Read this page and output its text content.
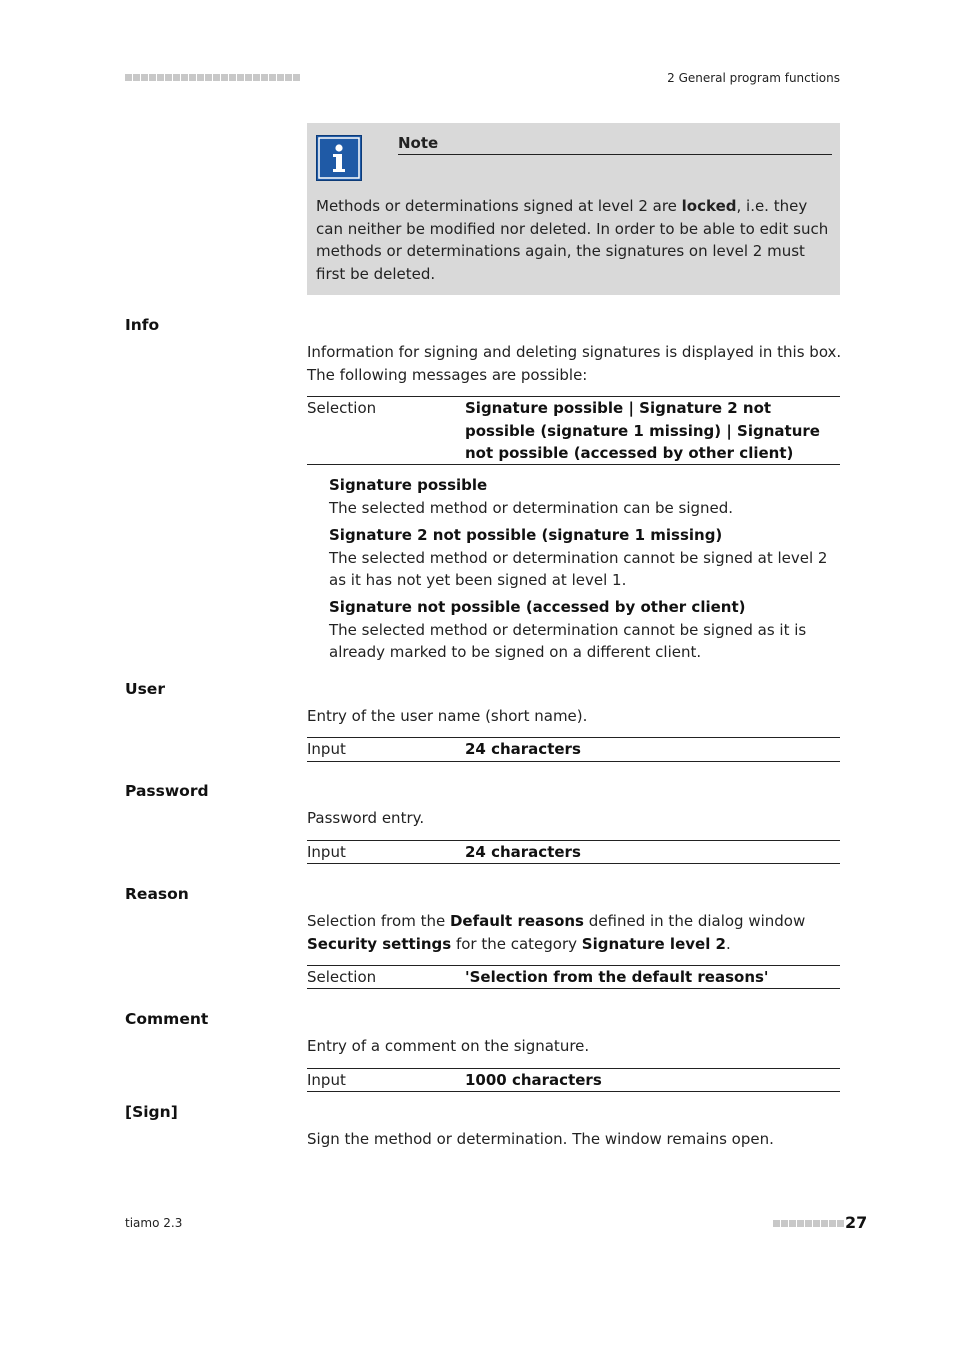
2 General program functions
Note
Methods or determinations signed at level 2 are locked, i.e. they can neither be modified nor deleted. In order to be able to edit such methods or determinations again, the signatures on level 2 must first be deleted.
Info
Information for signing and deleting signatures is displayed in this box. The following messages are possible:
Selection	Signature possible | Signature 2 not possible (signature 1 missing) | Signature not possible (accessed by other client)
Signature possible
The selected method or determination can be signed.
Signature 2 not possible (signature 1 missing)
The selected method or determination cannot be signed at level 2 as it has not yet been signed at level 1.
Signature not possible (accessed by other client)
The selected method or determination cannot be signed as it is already marked to be signed on a different client.
User
Entry of the user name (short name).
Input	24 characters
Password
Password entry.
Input	24 characters
Reason
Selection from the Default reasons defined in the dialog window Security settings for the category Signature level 2.
Selection	'Selection from the default reasons'
Comment
Entry of a comment on the signature.
Input	1000 characters
[Sign]
Sign the method or determination. The window remains open.
tiamo 2.3	27
